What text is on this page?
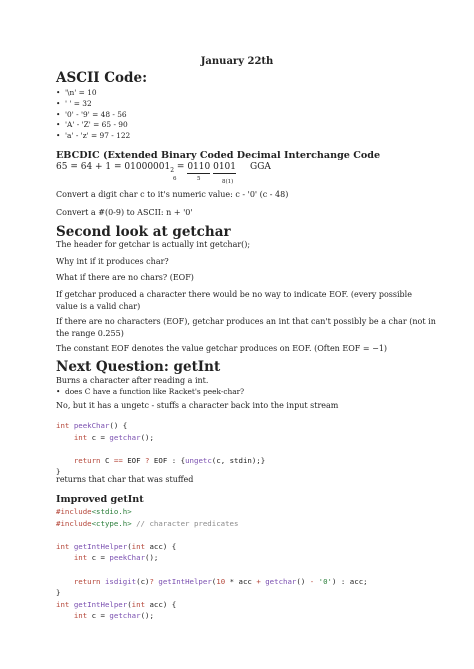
January 22th
ASCII Code:
• '\n' = 10
• ' ' = 32
• '0' - '9' = 48 - 56
• 'A' - 'Z' = 65 - 90
• 'a' - 'z' = 97 - 122
EBCDIC (Extended Binary Coded Decimal Interchange Code
$65 = 64 + 1 = 01000001_2 = 0110$ 0101 GGA
6	5	8(1)
Convert a digit char c to it's numeric value: c - '0' (c - 48)
Convert a #(0-9) to ASCII: n + '0'
Second look at getchar
The header for getchar is actually int getchar();
Why int if it produces char?
What if there are no chars? (EOF)
If getchar produced a character there would be no way to indicate EOF. (every possible value is a valid char)
If there are no characters (EOF), getchar produces an int that can't possibly be a char (not in the range 0.255)
The constant EOF denotes the value getchar produces on EOF. (Often EOF = −1)
Next Question: getInt
Burns a character after reading a int.
• does C have a function like Racket's peek-char?
No, but it has a ungetc - stuffs a character back into the input stream
int peekChar() {
int c = getchar();

return C == EOF ? EOF : {ungetc(c, stdin);}
}
returns that char that was stuffed
Improved getInt
#include<stdio.h>
#include<ctype.h> // character predicates

int getIntHelper(int acc) {
int c = peekChar();

return isdigit(c)? getIntHelper(10 * acc + getchar() - '0') : acc;
}
int getIntHelper(int acc) {
int c = getchar();
